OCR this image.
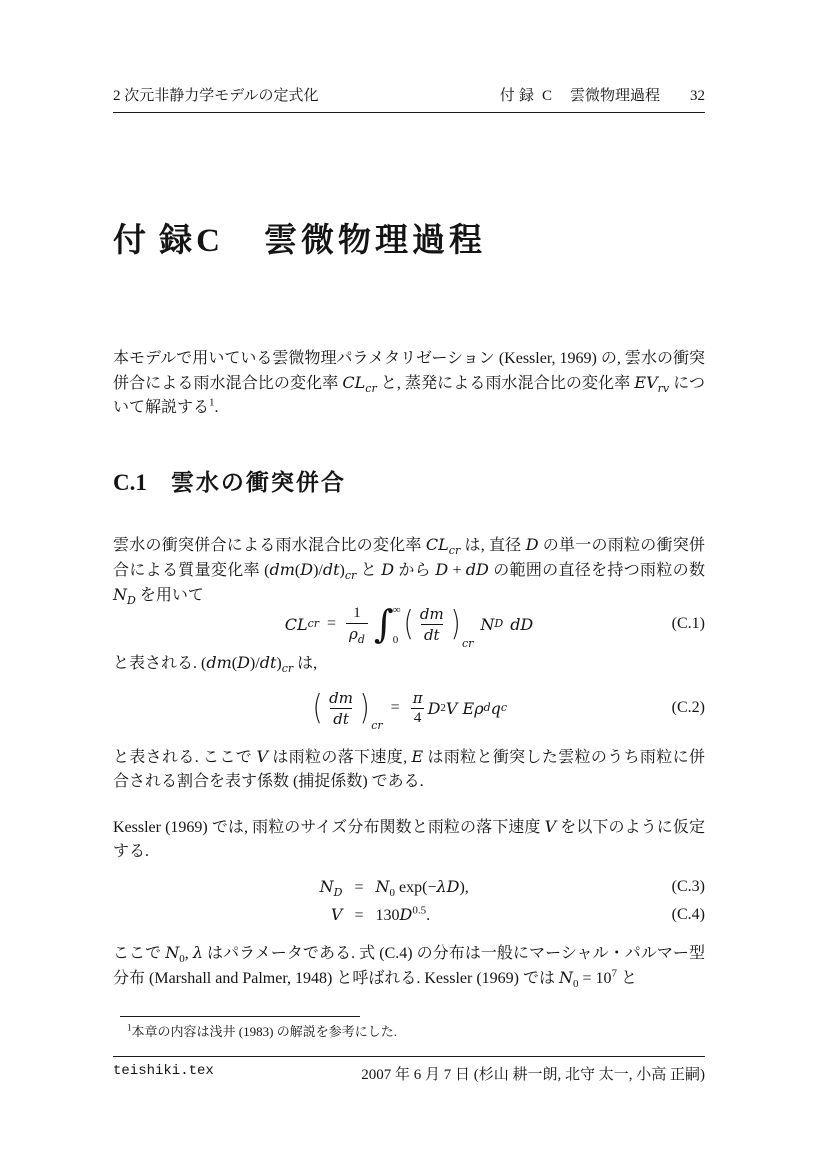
2 次元非静力学モデルの定式化	付 録 C 雲微物理過程 32
付 録C 雲微物理過程
本モデルで用いている雲微物理パラメタリゼーション (Kessler, 1969) の, 雲水の衝突併合による雨水混合比の変化率 $CL_{cr}$ と, 蒸発による雨水混合比の変化率 $EV_{rv}$ について解説する$^1$.
C.1 雲水の衝突併合
雲水の衝突併合による雨水混合比の変化率 $CL_{cr}$ は, 直径 D の単一の雨粒の衝突併合による質量変化率 $(dm(D)/dt)_{cr}$ と D から D + dD の範囲の直径を持つ雨粒の数 $N_D$ を用いて
CL cr = $\frac{1}{\rho_d}$ ∫ ∞
0 ( $\frac{dm}{dt}$ ) cr
N D dD	(C.1)
と表される. $(dm(D)/dt)_{cr}$ は,
( $\frac{dm}{dt}$ ) cr
= $\frac{\pi}{4}$ D 2 V E ρ d q c	(C.2)
と表される. ここで V は雨粒の落下速度, E は雨粒と衝突した雲粒のうち雨粒に併合される割合を表す係数 (捕捉係数) である.
Kessler (1969) では, 雨粒のサイズ分布関数と雨粒の落下速度 V を以下のように仮定する.
$N_D = N_0$ exp(−λD),	(C.3)
$V = 130D^{0.5}$.	(C.4)
ここで $N_0$, λ はパラメータである. 式 (C.4) の分布は一般にマーシャル・パルマー型分布 (Marshall and Palmer, 1948) と呼ばれる. Kessler (1969) では $N_0 = 10^7$ と
$^1$本章の内容は浅井 (1983) の解説を参考にした.
teishiki.tex	2007 年 6 月 7 日 (杉山 耕一朗, 北守 太一, 小高 正嗣)
